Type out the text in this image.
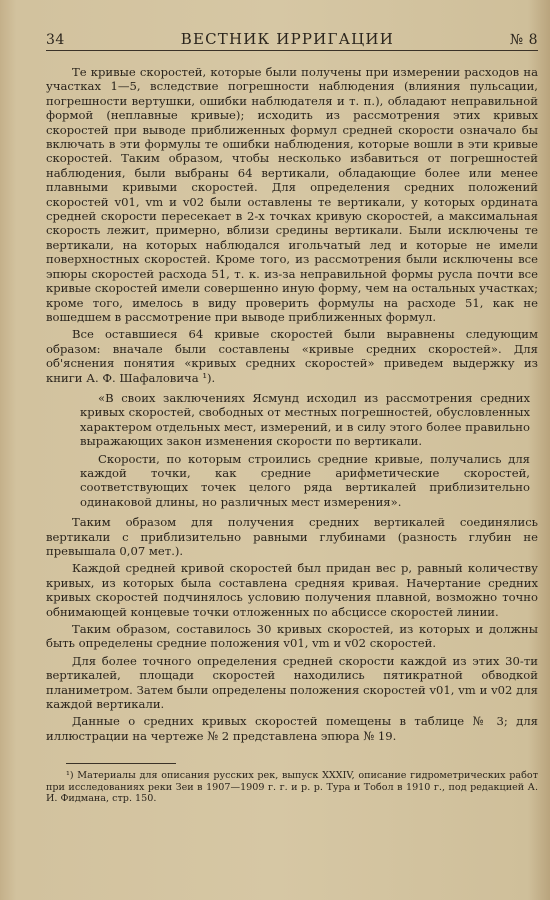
34	ВЕСТНИК ИРРИГАЦИИ	№ 8

Те кривые скоростей, которые были получены при измерении расходов на участках 1—5, вследствие погрешности наблюдения (влияния пульсации, погрешности вертушки, ошибки наблюдателя и т. п.), обладают неправильной формой (неплавные кривые); исходить из рассмотрения этих кривых скоростей при выводе приближенных формул средней скорости означало бы включать в эти формулы те ошибки наблюдения, которые вошли в эти кривые скоростей. Таким образом, чтобы несколько избавиться от погрешностей наблюдения, были выбраны 64 вертикали, обладающие более или менее плавными кривыми скоростей. Для определения средних положений скоростей v01, vm и v02 были оставлены те вертикали, у которых ордината средней скорости пересекает в 2-х точках кривую скоростей, а максимальная скорость лежит, примерно, вблизи средины вертикали. Были исключены те вертикали, на которых наблюдался игольчатый лед и которые не имели поверхностных скоростей. Кроме того, из рассмотрения были исключены все эпюры скоростей расхода 51, т. к. из-за неправильной формы русла почти все кривые скоростей имели совершенно иную форму, чем на остальных участках; кроме того, имелось в виду проверить формулы на расходе 51, как не вошедшем в рассмотрение при выводе приближенных формул.

Все оставшиеся 64 кривые скоростей были выравнены следующим образом: вначале были составлены «кривые средних скоростей». Для об'яснения понятия «кривых средних скоростей» приведем выдержку из книги А. Ф. Шафаловича ¹).

«В своих заключениях Ясмунд исходил из рассмотрения средних кривых скоростей, свободных от местных погрешностей, обусловленных характером отдельных мест, измерений, и в силу этого более правильно выражающих закон изменения скорости по вертикали.

Скорости, по которым строились средние кривые, получались для каждой точки, как средние арифметические скоростей, соответствующих точек целого ряда вертикалей приблизительно одинаковой длины, но различных мест измерения».

Таким образом для получения средних вертикалей соединялись вертикали с приблизительно равными глубинами (разность глубин не превышала 0,07 мет.).

Каждой средней кривой скоростей был придан вес p, равный количеству кривых, из которых была составлена средняя кривая. Начертание средних кривых скоростей подчинялось условию получения плавной, возможно точно обнимающей концевые точки отложенных по абсциссе скоростей линии.

Таким образом, составилось 30 кривых скоростей, из которых и должны быть определены средние положения v01, vm и v02 скоростей.

Для более точного определения средней скорости каждой из этих 30-ти вертикалей, площади скоростей находились пятикратной обводкой планиметром. Затем были определены положения скоростей v01, vm и v02 для каждой вертикали.

Данные о средних кривых скоростей помещены в таблице № 3; для иллюстрации на чертеже № 2 представлена эпюра № 19.

¹) Материалы для описания русских рек, выпуск XXXIV, описание гидрометрических работ при исследованиях реки Зеи в 1907—1909 г. г. и р. р. Тура и Тобол в 1910 г., под редакцией А. И. Фидмана, стр. 150.
